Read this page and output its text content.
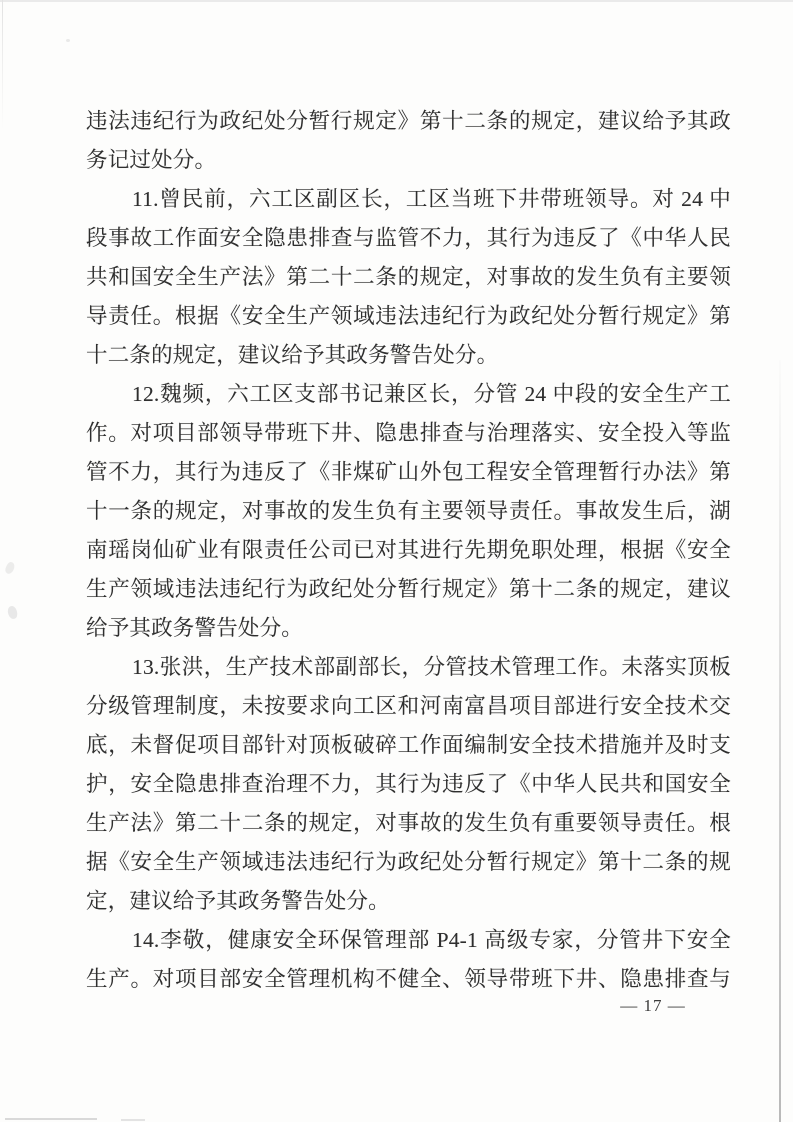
违法违纪行为政纪处分暂行规定》第十二条的规定，建议给予其政
务记过处分。
11.曾民前，六工区副区长，工区当班下井带班领导。对 24 中
段事故工作面安全隐患排查与监管不力，其行为违反了《中华人民
共和国安全生产法》第二十二条的规定，对事故的发生负有主要领
导责任。根据《安全生产领域违法违纪行为政纪处分暂行规定》第
十二条的规定，建议给予其政务警告处分。
12.魏频，六工区支部书记兼区长，分管 24 中段的安全生产工
作。对项目部领导带班下井、隐患排查与治理落实、安全投入等监
管不力，其行为违反了《非煤矿山外包工程安全管理暂行办法》第
十一条的规定，对事故的发生负有主要领导责任。事故发生后，湖
南瑶岗仙矿业有限责任公司已对其进行先期免职处理，根据《安全
生产领域违法违纪行为政纪处分暂行规定》第十二条的规定，建议
给予其政务警告处分。
13.张洪，生产技术部副部长，分管技术管理工作。未落实顶板
分级管理制度，未按要求向工区和河南富昌项目部进行安全技术交
底，未督促项目部针对顶板破碎工作面编制安全技术措施并及时支
护，安全隐患排查治理不力，其行为违反了《中华人民共和国安全
生产法》第二十二条的规定，对事故的发生负有重要领导责任。根
据《安全生产领域违法违纪行为政纪处分暂行规定》第十二条的规
定，建议给予其政务警告处分。
14.李敬，健康安全环保管理部 P4-1 高级专家，分管井下安全
生产。对项目部安全管理机构不健全、领导带班下井、隐患排查与
— 17 —
